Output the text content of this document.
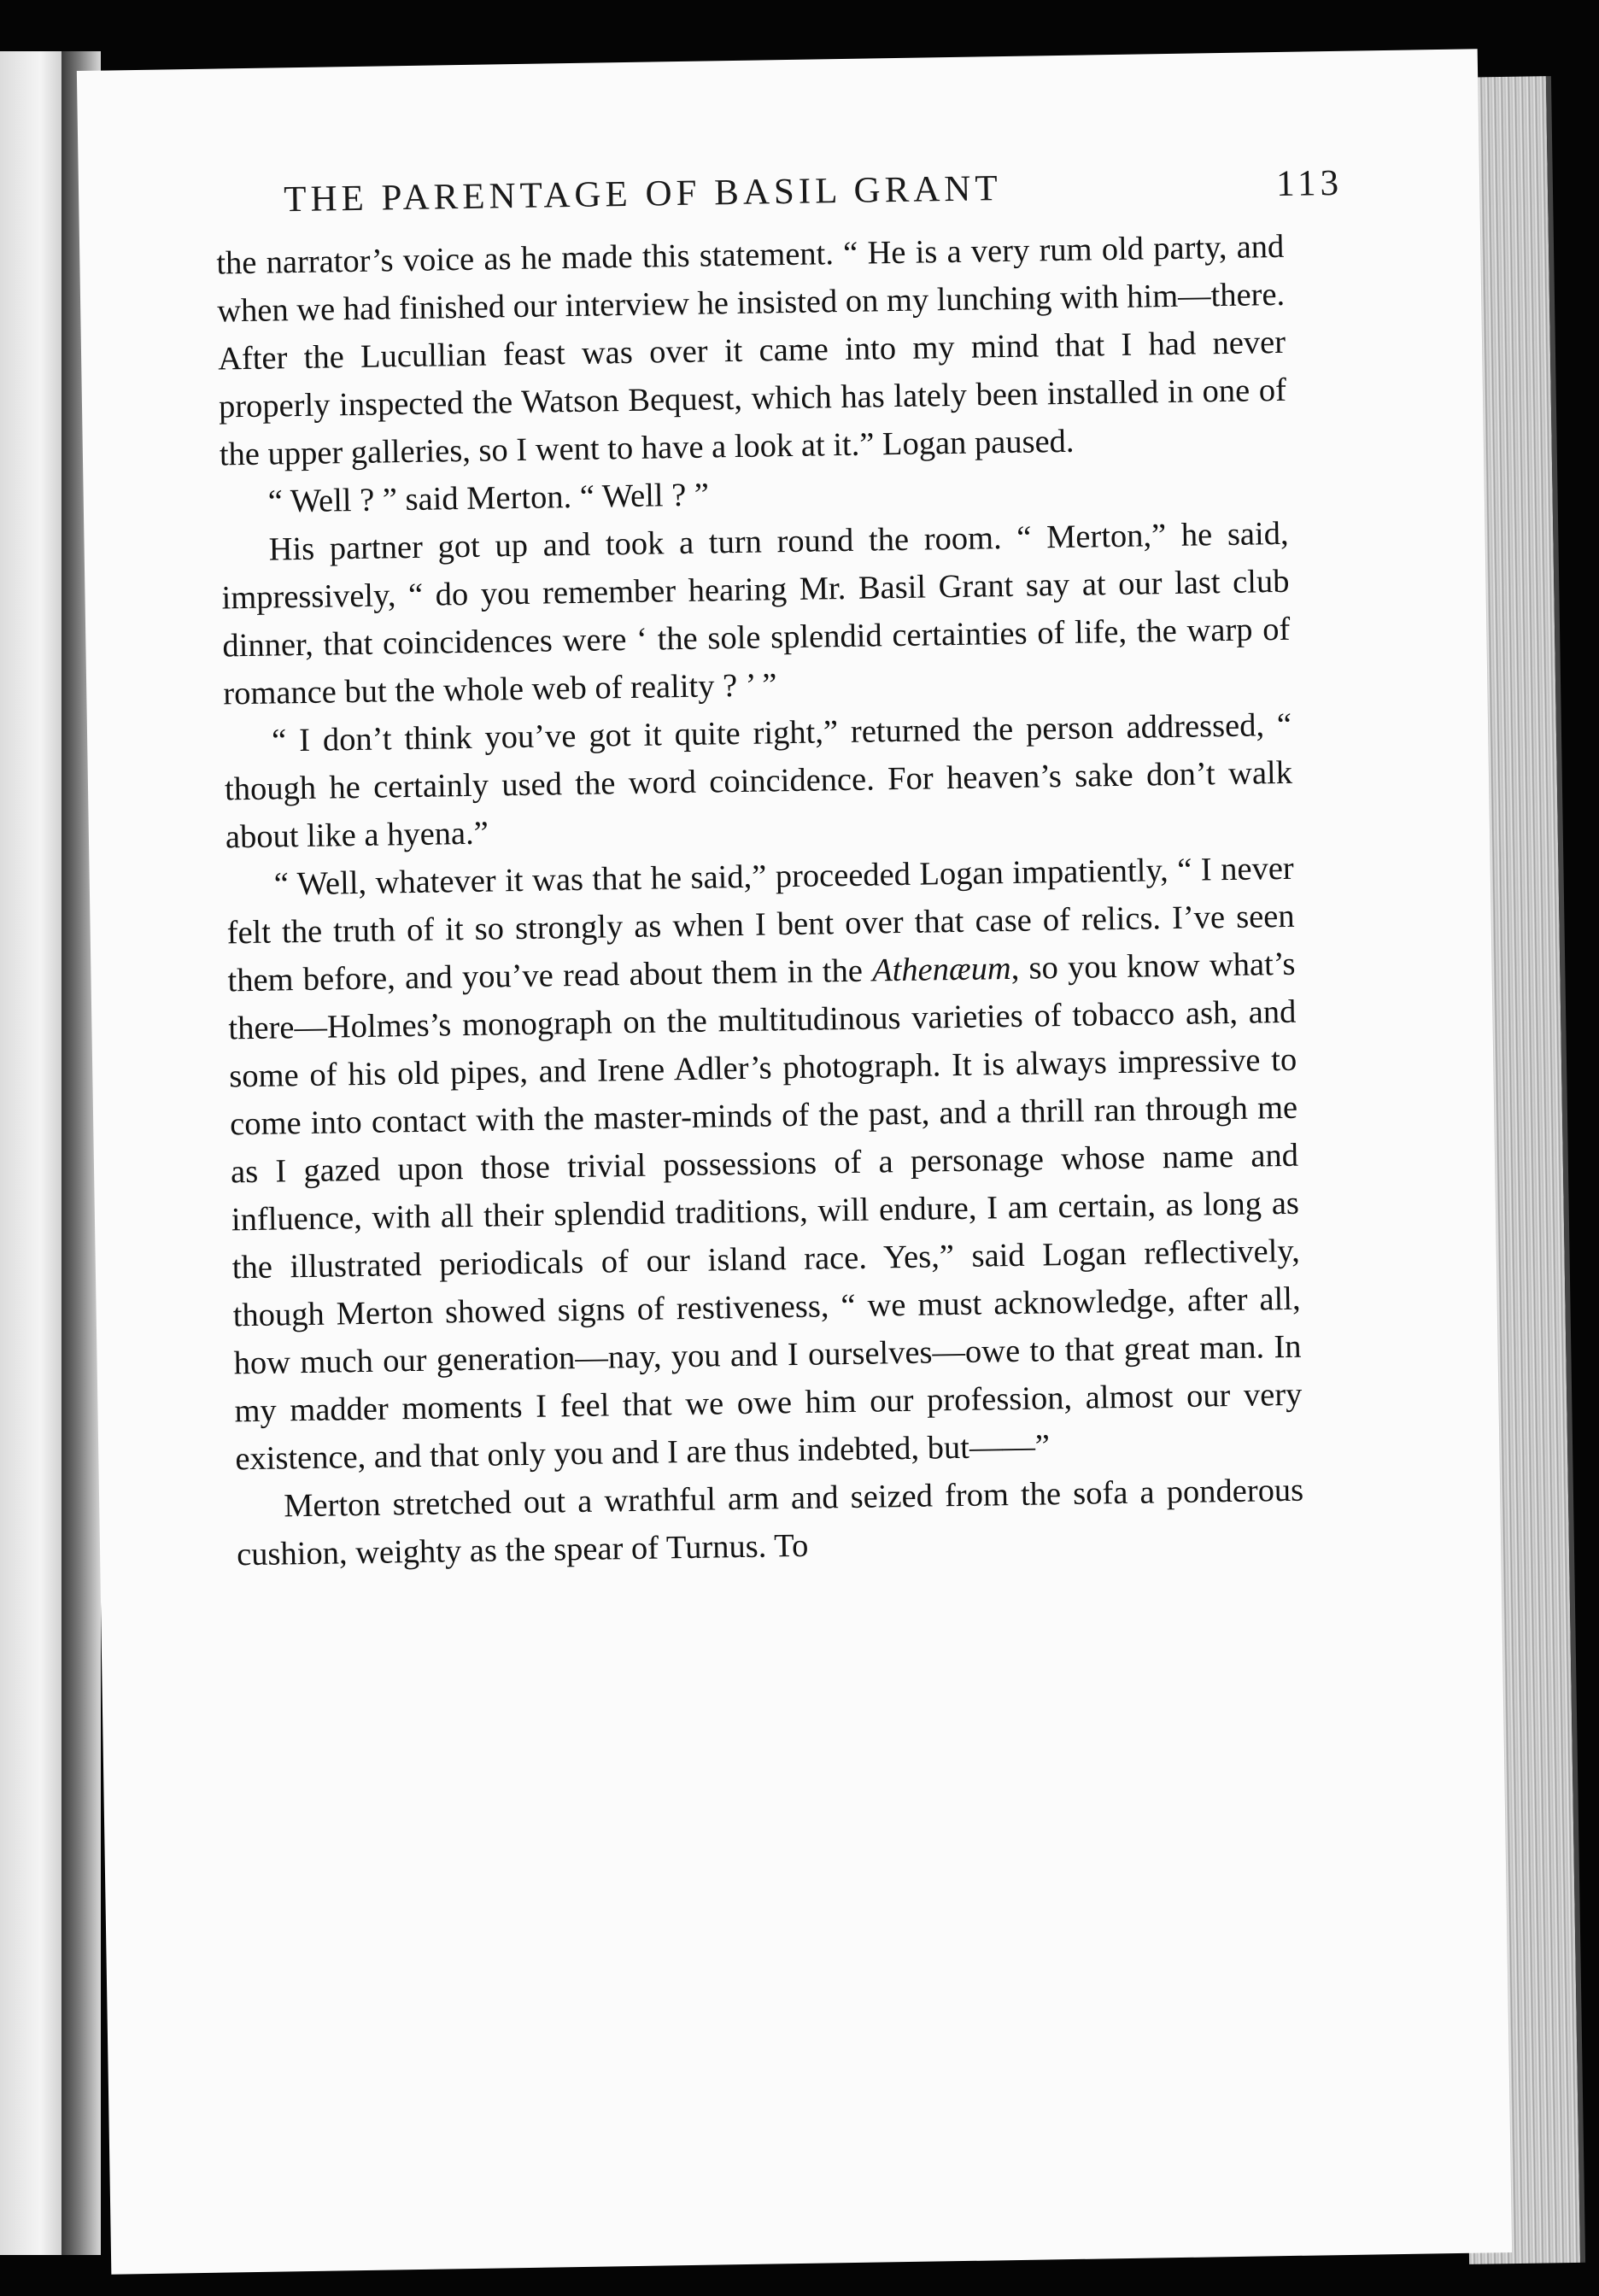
THE PARENTAGE OF BASIL GRANT	113

the narrator’s voice as he made this statement. “ He is a very rum old party, and when we had finished our interview he insisted on my lunching with him—there. After the Lucullian feast was over it came into my mind that I had never properly inspected the Watson Bequest, which has lately been installed in one of the upper galleries, so I went to have a look at it.” Logan paused.

“ Well ? ” said Merton. “ Well ? ”

His partner got up and took a turn round the room. “ Merton,” he said, impressively, “ do you remember hearing Mr. Basil Grant say at our last club dinner, that coincidences were ‘ the sole splendid certainties of life, the warp of romance but the whole web of reality ? ’ ”

“ I don’t think you’ve got it quite right,” returned the person addressed, “ though he certainly used the word coincidence. For heaven’s sake don’t walk about like a hyena.”

“ Well, whatever it was that he said,” proceeded Logan impatiently, “ I never felt the truth of it so strongly as when I bent over that case of relics. I’ve seen them before, and you’ve read about them in the Athenæum, so you know what’s there—Holmes’s monograph on the multitudinous varieties of tobacco ash, and some of his old pipes, and Irene Adler’s photograph. It is always impressive to come into contact with the master-minds of the past, and a thrill ran through me as I gazed upon those trivial possessions of a personage whose name and influence, with all their splendid traditions, will endure, I am certain, as long as the illustrated periodicals of our island race. Yes,” said Logan reflectively, though Merton showed signs of restiveness, “ we must acknowledge, after all, how much our generation—nay, you and I ourselves—owe to that great man. In my madder moments I feel that we owe him our profession, almost our very existence, and that only you and I are thus indebted, but——”

Merton stretched out a wrathful arm and seized from the sofa a ponderous cushion, weighty as the spear of Turnus. To
